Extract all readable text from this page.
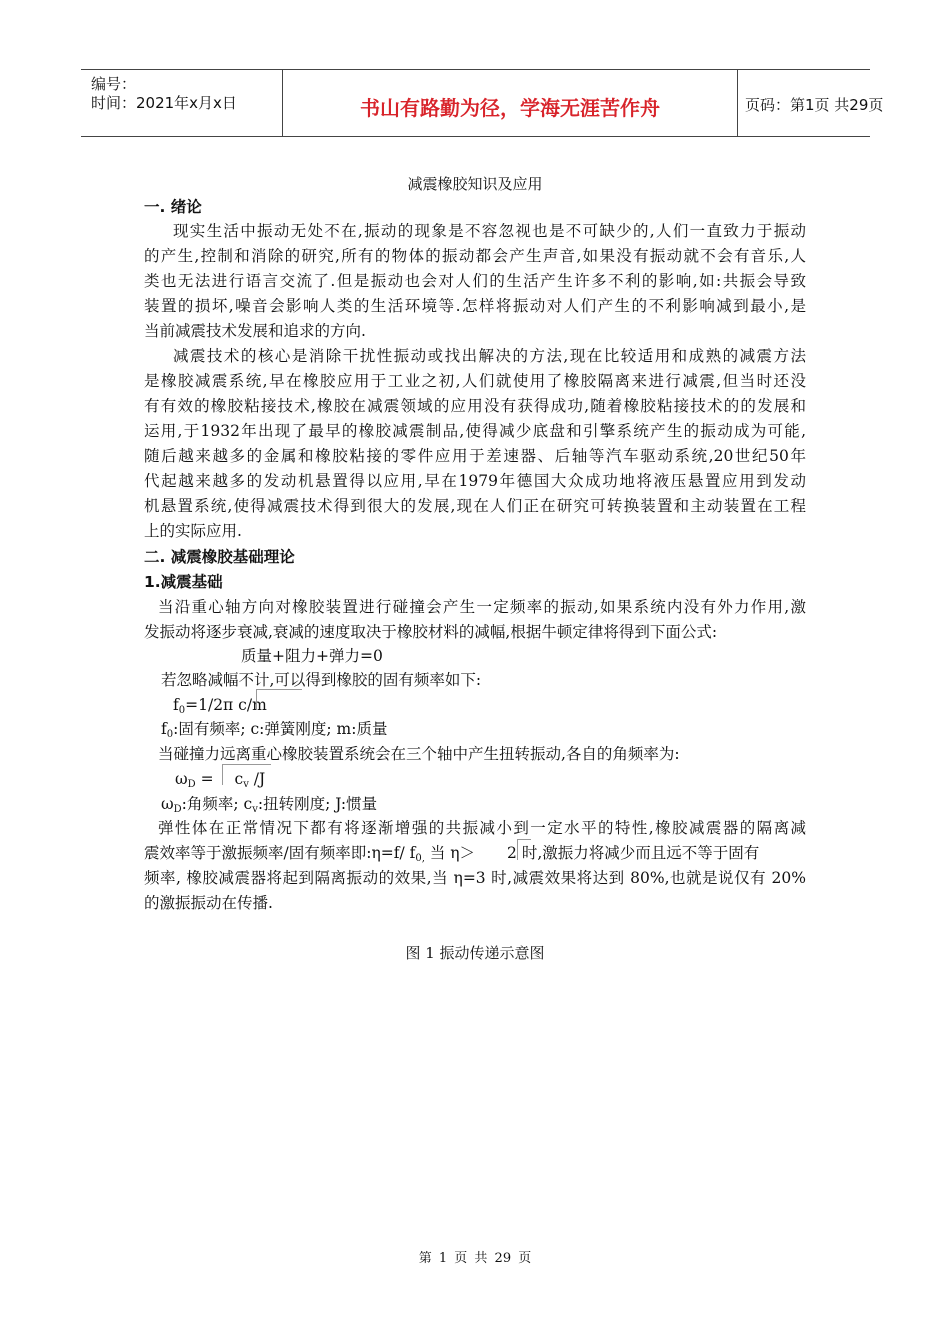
编号：
时间：2021年x月x日	书山有路勤为径，学海无涯苦作舟	页码：第1页 共29页
减震橡胶知识及应用
一. 绪论
现实生活中振动无处不在,振动的现象是不容忽视也是不可缺少的,人们一直致力于振动
的产生,控制和消除的研究,所有的物体的振动都会产生声音,如果没有振动就不会有音乐,人
类也无法进行语言交流了.但是振动也会对人们的生活产生许多不利的影响,如:共振会导致
装置的损坏,噪音会影响人类的生活环境等.怎样将振动对人们产生的不利影响减到最小,是
当前减震技术发展和追求的方向.
减震技术的核心是消除干扰性振动或找出解决的方法,现在比较适用和成熟的减震方法
是橡胶减震系统,早在橡胶应用于工业之初,人们就使用了橡胶隔离来进行减震,但当时还没
有有效的橡胶粘接技术,橡胶在减震领域的应用没有获得成功,随着橡胶粘接技术的的发展和
运用,于1932年出现了最早的橡胶减震制品,使得减少底盘和引擎系统产生的振动成为可能,
随后越来越多的金属和橡胶粘接的零件应用于差速器、后轴等汽车驱动系统,20世纪50年
代起越来越多的发动机悬置得以应用,早在1979年德国大众成功地将液压悬置应用到发动
机悬置系统,使得减震技术得到很大的发展,现在人们正在研究可转换装置和主动装置在工程
上的实际应用.
二. 减震橡胶基础理论
1.减震基础
当沿重心轴方向对橡胶装置进行碰撞会产生一定频率的振动,如果系统内没有外力作用,激
发振动将逐步衰减,衰减的速度取决于橡胶材料的减幅,根据牛顿定律将得到下面公式:
质量+阻力+弹力=0
若忽略减幅不计,可以得到橡胶的固有频率如下:
$f_0=1/2\pi$ c/m
$f_0$:固有频率; c:弹簧刚度; m:质量
当碰撞力远离重心橡胶装置系统会在三个轴中产生扭转振动,各自的角频率为:
$\omega_D = c_v$ /J
$\omega_D$:角频率; $c_v$:扭转刚度; J:惯量
弹性体在正常情况下都有将逐渐增强的共振减小到一定水平的特性,橡胶减震器的隔离减
震效率等于激振频率/固有频率即:η=f/ $f_{0,}$ 当 η＞ 2 时,激振力将减少而且远不等于固有
频率, 橡胶减震器将起到隔离振动的效果,当 η=3 时,减震效果将达到 80%,也就是说仅有 20%
的激振振动在传播.
图 1 振动传递示意图
第 1 页 共 29 页
